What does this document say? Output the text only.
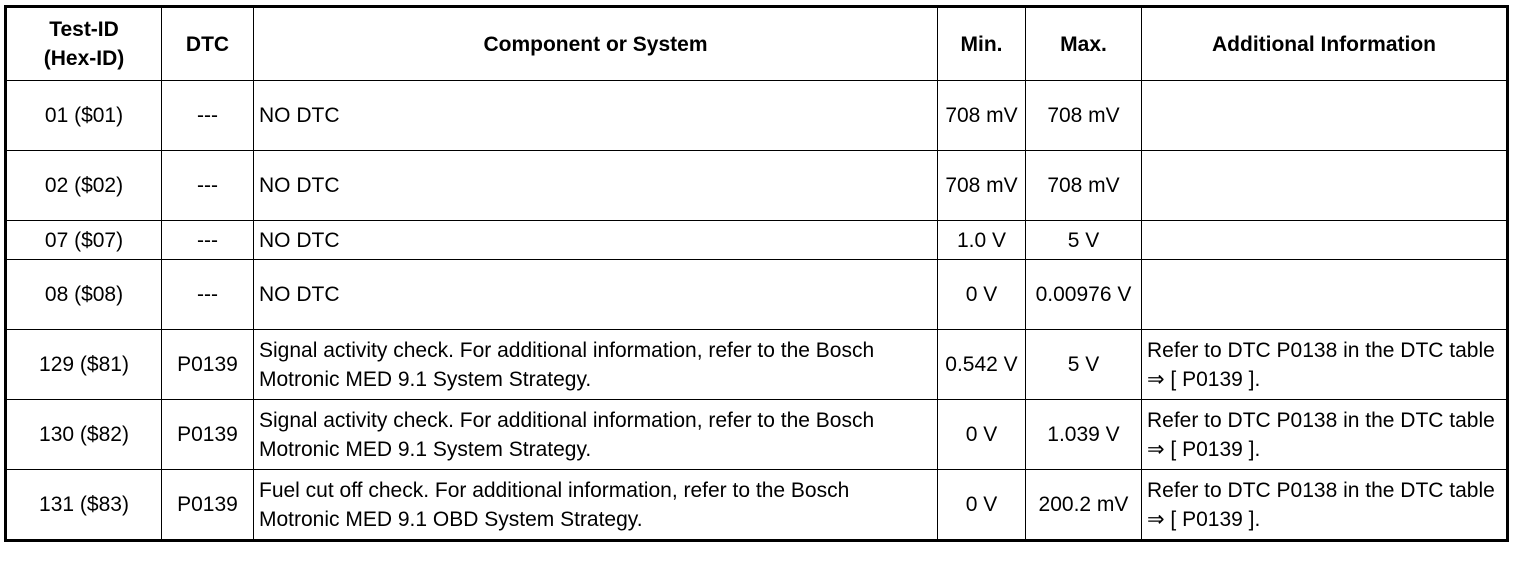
Test-ID
(Hex-ID)	DTC	Component or System	Min.	Max.	Additional Information
01 ($01)	---	NO DTC	708 mV	708 mV	
02 ($02)	---	NO DTC	708 mV	708 mV	
07 ($07)	---	NO DTC	1.0 V	5 V	
08 ($08)	---	NO DTC	0 V	0.00976 V	
129 ($81)	P0139	Signal activity check. For additional information, refer to the Bosch Motronic MED 9.1 System Strategy.	0.542 V	5 V	Refer to DTC P0138 in the DTC table ⇒ [ P0139 ].
130 ($82)	P0139	Signal activity check. For additional information, refer to the Bosch Motronic MED 9.1 System Strategy.	0 V	1.039 V	Refer to DTC P0138 in the DTC table ⇒ [ P0139 ].
131 ($83)	P0139	Fuel cut off check. For additional information, refer to the Bosch Motronic MED 9.1 OBD System Strategy.	0 V	200.2 mV	Refer to DTC P0138 in the DTC table ⇒ [ P0139 ].
